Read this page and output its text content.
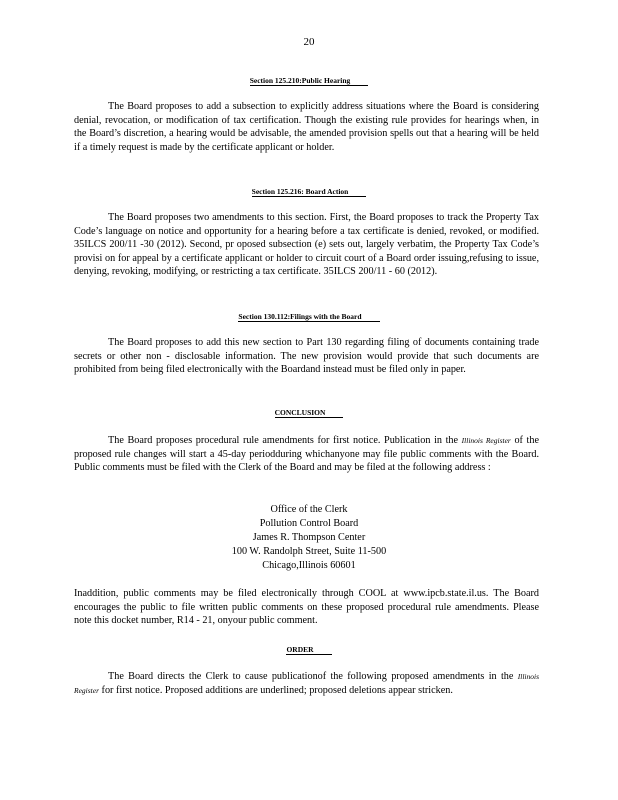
20
Section 125.210:Public Hearing
The Board proposes to add a subsection to explicitly address situations where the Board is considering denial, revocation, or modification of tax certification. Though the existing rule provides for hearings when, in the Board’s discretion, a hearing would be advisable, the amended provision spells out that a hearing will be held if a timely request is made by the certificate applicant or holder.
Section 125.216: Board Action
The Board proposes two amendments to this section. First, the Board proposes to track the Property Tax Code’s language on notice and opportunity for a hearing before a tax certificate is denied, revoked, or modified. 35ILCS 200/11 -30 (2012). Second, pr oposed subsection (e) sets out, largely verbatim, the Property Tax Code’s provisi on for appeal by a certificate applicant or holder to circuit court of a Board order issuing,refusing to issue, denying, revoking, modifying, or restricting a tax certificate. 35ILCS 200/11 - 60 (2012).
Section 130.112:Filings with the Board
The Board proposes to add this new section to Part 130 regarding filing of documents containing trade secrets or other non - disclosable information. The new provision would provide that such documents are prohibited from being filed electronically with the Boardand instead must be filed only in paper.
CONCLUSION
The Board proposes procedural rule amendments for first notice. Publication in the Illinois Register of the proposed rule changes will start a 45-day periodduring whichanyone may file public comments with the Board. Public comments must be filed with the Clerk of the Board and may be filed at the following address :
Office of the Clerk
Pollution Control Board
James R. Thompson Center
100 W. Randolph Street, Suite 11-500
Chicago,Illinois 60601
Inaddition, public comments may be filed electronically through COOL at www.ipcb.state.il.us. The Board encourages the public to file written public comments on these proposed procedural rule amendments. Please note this docket number, R14 - 21, onyour public comment.
ORDER
The Board directs the Clerk to cause publicationof the following proposed amendments in the Illinois Register for first notice. Proposed additions are underlined; proposed deletions appear stricken.
